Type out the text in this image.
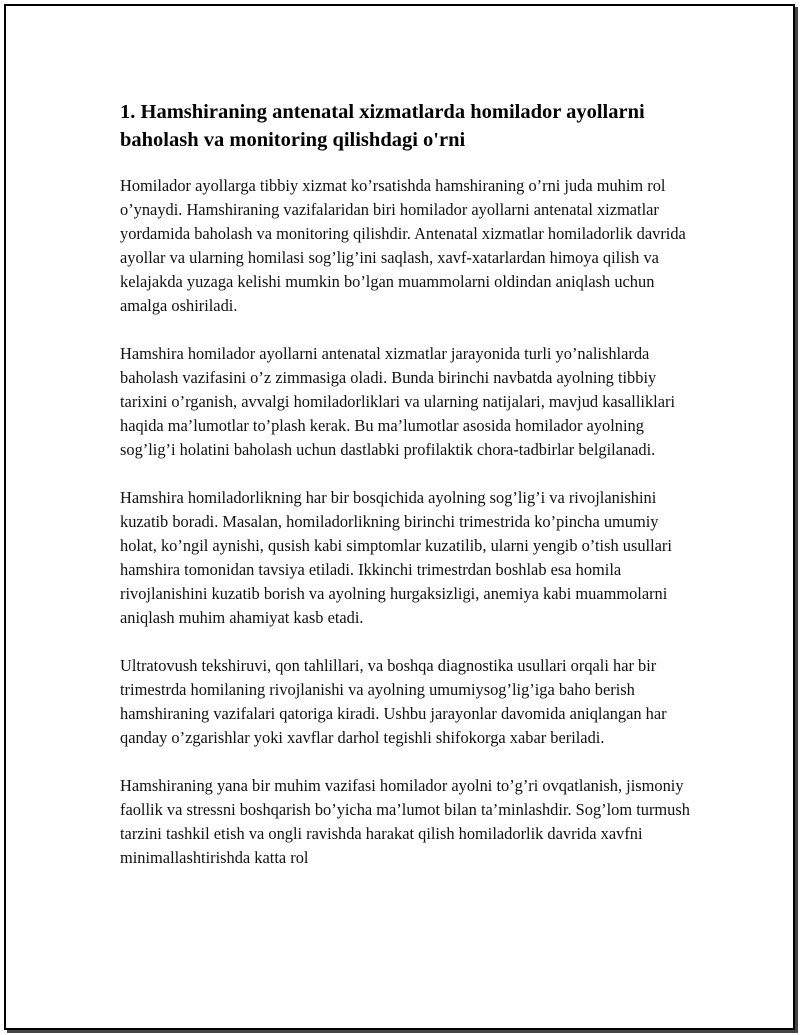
1. Hamshiraning antenatal xizmatlarda homilador ayollarni baholash va monitoring qilishdagi o'rni

Homilador ayollarga tibbiy xizmat ko’rsatishda hamshiraning o’rni juda muhim rol o’ynaydi. Hamshiraning vazifalaridan biri homilador ayollarni antenatal xizmatlar yordamida baholash va monitoring qilishdir. Antenatal xizmatlar homiladorlik davrida ayollar va ularning homilasi sog’lig’ini saqlash, xavf-xatarlardan himoya qilish va kelajakda yuzaga kelishi mumkin bo’lgan muammolarni oldindan aniqlash uchun amalga oshiriladi.

Hamshira homilador ayollarni antenatal xizmatlar jarayonida turli yo’nalishlarda baholash vazifasini o’z zimmasiga oladi. Bunda birinchi navbatda ayolning tibbiy tarixini o’rganish, avvalgi homiladorliklari va ularning natijalari, mavjud kasalliklari haqida ma’lumotlar to’plash kerak. Bu ma’lumotlar asosida homilador ayolning sog’lig’i holatini baholash uchun dastlabki profilaktik chora-tadbirlar belgilanadi.

Hamshira homiladorlikning har bir bosqichida ayolning sog’lig’i va rivojlanishini kuzatib boradi. Masalan, homiladorlikning birinchi trimestrida ko’pincha umumiy holat, ko’ngil aynishi, qusish kabi simptomlar kuzatilib, ularni yengib o’tish usullari hamshira tomonidan tavsiya etiladi. Ikkinchi trimestrdan boshlab esa homila rivojlanishini kuzatib borish va ayolning hurgaksizligi, anemiya kabi muammolarni aniqlash muhim ahamiyat kasb etadi.

Ultratovush tekshiruvi, qon tahlillari, va boshqa diagnostika usullari orqali har bir trimestrda homilaning rivojlanishi va ayolning umumiysog’lig’iga baho berish hamshiraning vazifalari qatoriga kiradi. Ushbu jarayonlar davomida aniqlangan har qanday o’zgarishlar yoki xavflar darhol tegishli shifokorga xabar beriladi.

Hamshiraning yana bir muhim vazifasi homilador ayolni to’g’ri ovqatlanish, jismoniy faollik va stressni boshqarish bo’yicha ma’lumot bilan ta’minlashdir. Sog’lom turmush tarzini tashkil etish va ongli ravishda harakat qilish homiladorlik davrida xavfni minimallashtirishda katta rol
